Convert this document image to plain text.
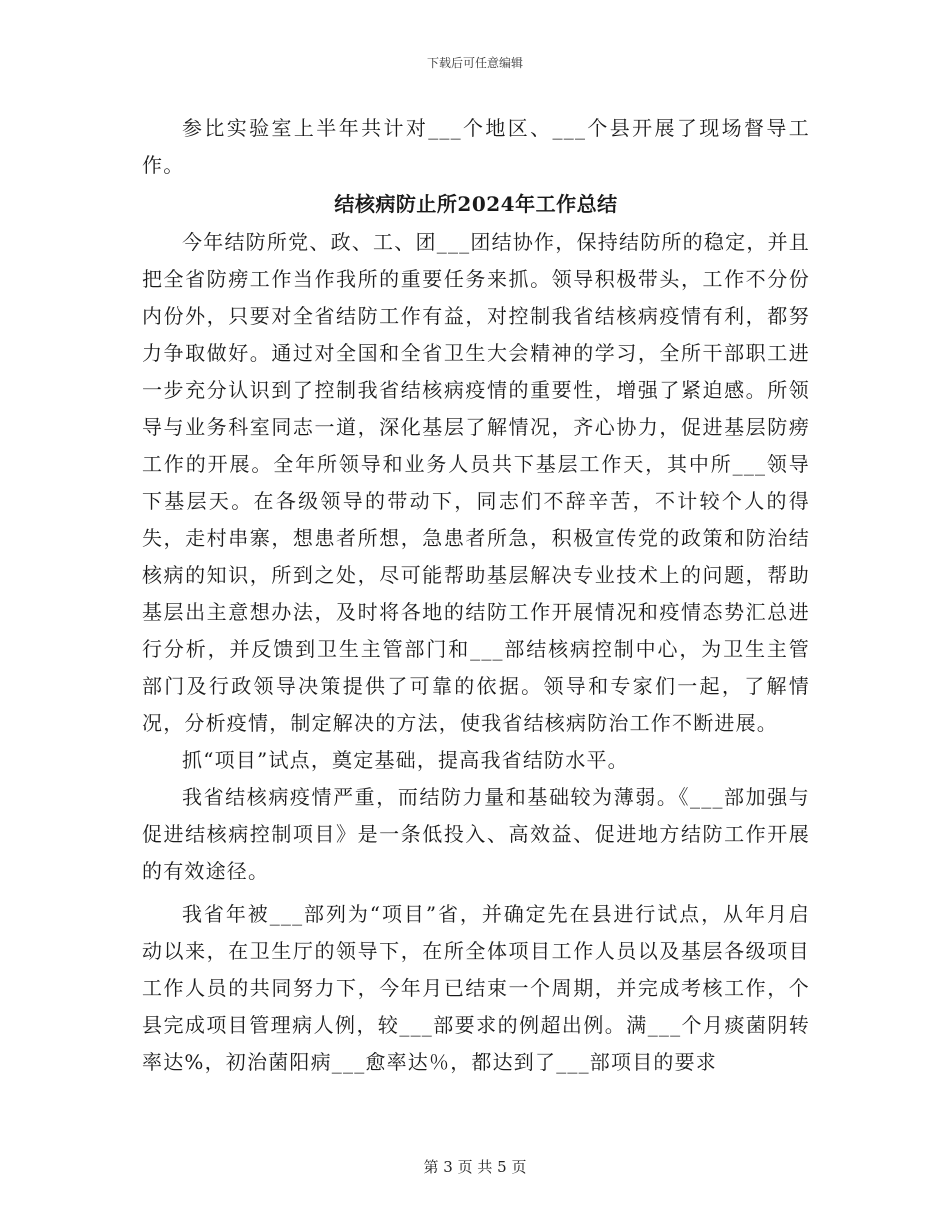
下载后可任意编辑

参比实验室上半年共计对___个地区、___个县开展了现场督导工作。

结核病防止所2024年工作总结

今年结防所党、政、工、团___团结协作，保持结防所的稳定，并且把全省防痨工作当作我所的重要任务来抓。领导积极带头，工作不分份内份外，只要对全省结防工作有益，对控制我省结核病疫情有利，都努力争取做好。通过对全国和全省卫生大会精神的学习，全所干部职工进一步充分认识到了控制我省结核病疫情的重要性，增强了紧迫感。所领导与业务科室同志一道，深化基层了解情况，齐心协力，促进基层防痨工作的开展。全年所领导和业务人员共下基层工作天，其中所___领导下基层天。在各级领导的带动下，同志们不辞辛苦，不计较个人的得失，走村串寨，想患者所想，急患者所急，积极宣传党的政策和防治结核病的知识，所到之处，尽可能帮助基层解决专业技术上的问题，帮助基层出主意想办法，及时将各地的结防工作开展情况和疫情态势汇总进行分析，并反馈到卫生主管部门和___部结核病控制中心，为卫生主管部门及行政领导决策提供了可靠的依据。领导和专家们一起，了解情况，分析疫情，制定解决的方法，使我省结核病防治工作不断进展。

抓“项目”试点，奠定基础，提高我省结防水平。

我省结核病疫情严重，而结防力量和基础较为薄弱。《___部加强与促进结核病控制项目》是一条低投入、高效益、促进地方结防工作开展的有效途径。

我省年被___部列为“项目”省，并确定先在县进行试点，从年月启动以来，在卫生厅的领导下，在所全体项目工作人员以及基层各级项目工作人员的共同努力下，今年月已结束一个周期，并完成考核工作，个县完成项目管理病人例，较___部要求的例超出例。满___个月痰菌阴转率达%，初治菌阳病___愈率达％，都达到了___部项目的要求

第 3 页 共 5 页
